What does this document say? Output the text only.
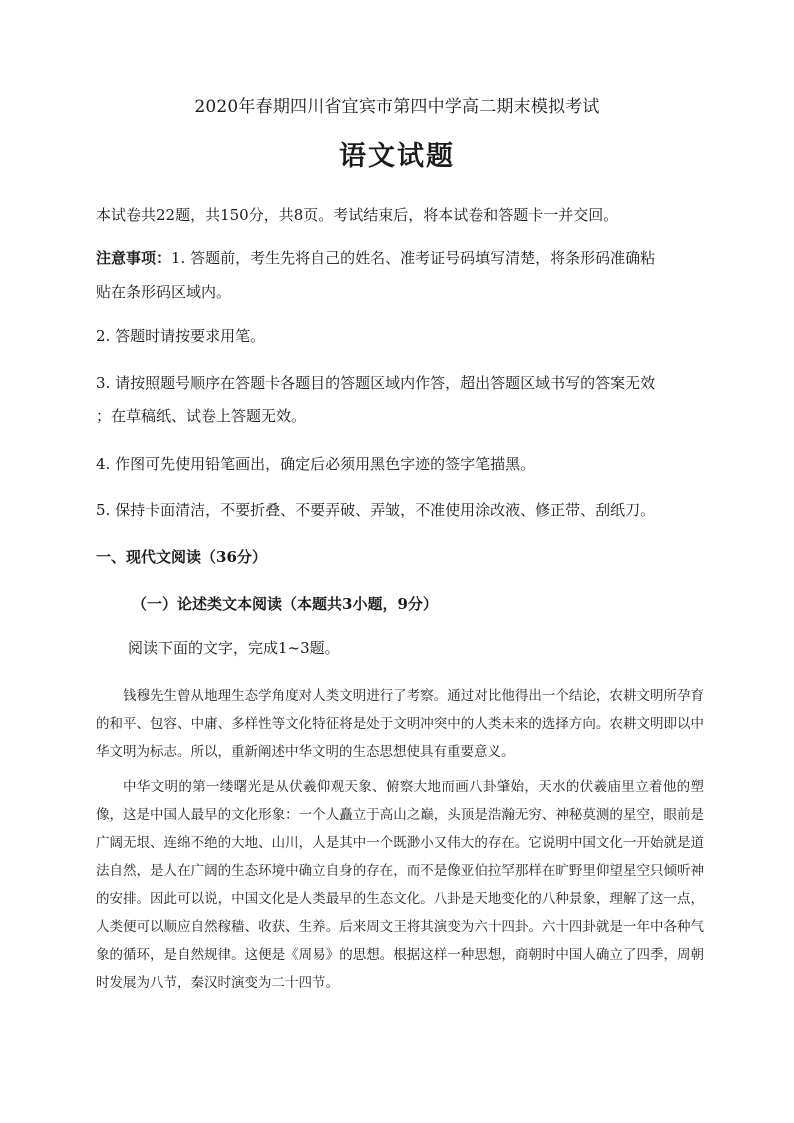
2020年春期四川省宜宾市第四中学高二期末模拟考试
语文试题

本试卷共22题，共150分，共8页。考试结束后，将本试卷和答题卡一并交回。

注意事项：1. 答题前，考生先将自己的姓名、准考证号码填写清楚，将条形码准确粘

贴在条形码区域内。

2. 答题时请按要求用笔。

3. 请按照题号顺序在答题卡各题目的答题区域内作答，超出答题区域书写的答案无效

；在草稿纸、试卷上答题无效。

4. 作图可先使用铅笔画出，确定后必须用黑色字迹的签字笔描黑。

5. 保持卡面清洁，不要折叠、不要弄破、弄皱，不准使用涂改液、修正带、刮纸刀。

一、现代文阅读（36分）
（一）论述类文本阅读（本题共3小题，9分）
阅读下面的文字，完成1~3题。

钱穆先生曾从地理生态学角度对人类文明进行了考察。通过对比他得出一个结论，农耕文明所孕育的和平、包容、中庸、多样性等文化特征将是处于文明冲突中的人类未来的选择方向。农耕文明即以中华文明为标志。所以，重新阐述中华文明的生态思想使具有重要意义。

中华文明的第一缕曙光是从伏羲仰观天象、俯察大地而画八卦肇始，天水的伏羲庙里立着他的塑像，这是中国人最早的文化形象：一个人矗立于高山之巅，头顶是浩瀚无穷、神秘莫测的星空，眼前是广阔无垠、连绵不绝的大地、山川，人是其中一个既渺小又伟大的存在。它说明中国文化一开始就是道法自然，是人在广阔的生态环境中确立自身的存在，而不是像亚伯拉罕那样在旷野里仰望星空只倾听神的安排。因此可以说，中国文化是人类最早的生态文化。八卦是天地变化的八种景象，理解了这一点，人类便可以顺应自然稼穑、收获、生养。后来周文王将其演变为六十四卦。六十四卦就是一年中各种气象的循环，是自然规律。这便是《周易》的思想。根据这样一种思想，商朝时中国人确立了四季，周朝时发展为八节，秦汉时演变为二十四节。
